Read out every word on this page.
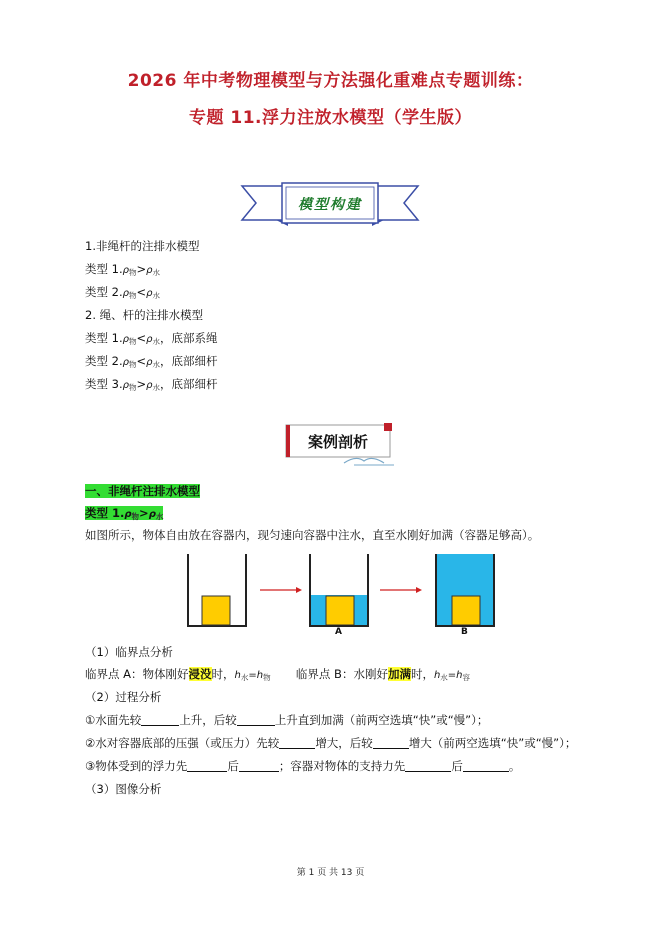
2026 年中考物理模型与方法强化重难点专题训练：
专题 11.浮力注放水模型（学生版）
模型构建
1.非绳杆的注排水模型
类型 1.ρ物>ρ水
类型 2.ρ物<ρ水
2. 绳、杆的注排水模型
类型 1.ρ物<ρ水，底部系绳
类型 2.ρ物<ρ水，底部细杆
类型 3.ρ物>ρ水，底部细杆
案例剖析
一、非绳杆注排水模型
类型 1.ρ物>ρ水
如图所示，物体自由放在容器内，现匀速向容器中注水，直至水刚好加满（容器足够高）。
A	B
（1）临界点分析
临界点 A：物体刚好浸没时，h水=h物 临界点 B：水刚好加满时，h水=h容
（2）过程分析
①水面先较	上升，后较	上升直到加满（前两空选填“快”或“慢”）；
②水对容器底部的压强（或压力）先较	增大，后较	增大（前两空选填“快”或“慢”）；
③物体受到的浮力先	后	；容器对物体的支持力先	后	。
（3）图像分析
第 1 页 共 13 页
